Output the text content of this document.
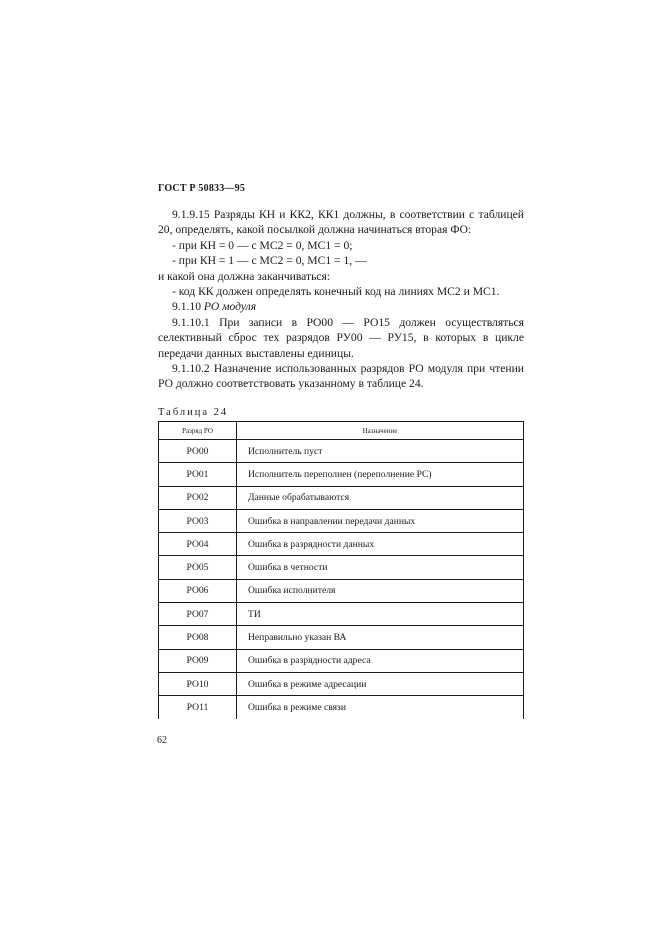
ГОСТ Р 50833—95

9.1.9.15 Разряды КН и КК2, КК1 должны, в соответствии с таблицей 20, определять, какой посылкой должна начинаться вторая ФО:

- при КН = 0 — с МС2 = 0, МС1 = 0;

- при КН = 1 — с МС2 = 0, МС1 = 1, —

и какой она должна заканчиваться:

- код КК должен определять конечный код на линиях МС2 и МС1.

9.1.10 РО модуля

9.1.10.1 При записи в РО00 — РО15 должен осуществляться селективный сброс тех разрядов РУ00 — РУ15, в которых в цикле передачи данных выставлены единицы.

9.1.10.2 Назначение использованных разрядов РО модуля при чтении РО должно соответствовать указанному в таблице 24.

Таблица 24
Разряд РО	Назначение
РО00	Исполнитель пуст
РО01	Исполнитель переполнен (переполнение РС)
РО02	Данные обрабатываются
РО03	Ошибка в направлении передачи данных
РО04	Ошибка в разрядности данных
РО05	Ошибка в четности
РО06	Ошибка исполнителя
РО07	ТИ
РО08	Неправильно указан ВА
РО09	Ошибка в разрядности адреса
РО10	Ошибка в режиме адресации
РО11	Ошибка в режиме связи
62
